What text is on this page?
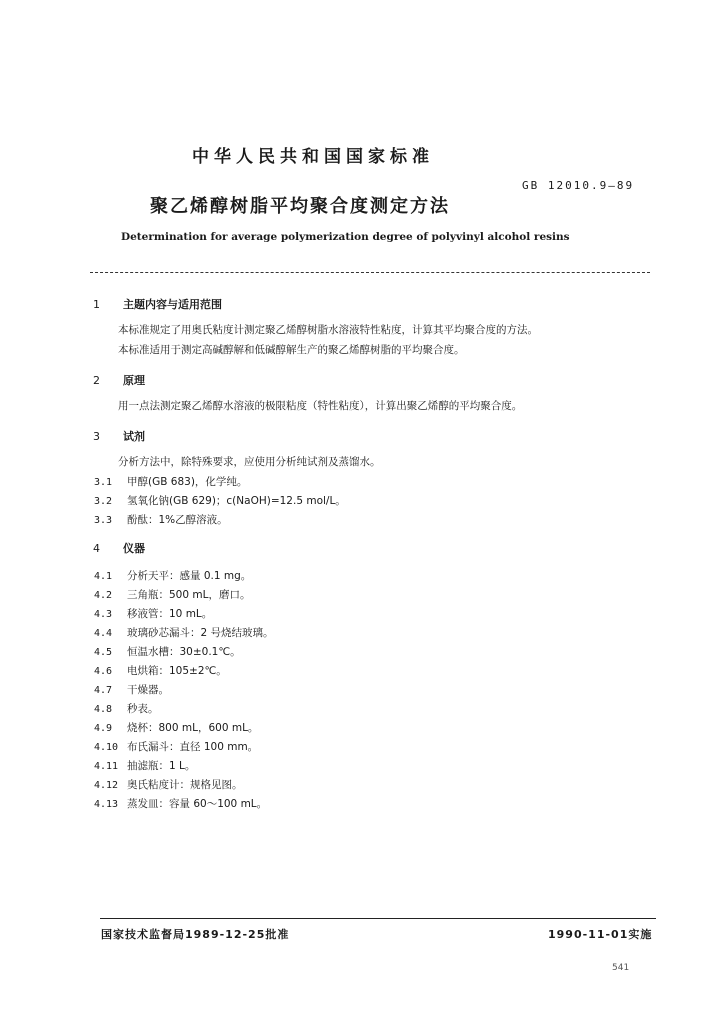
中华人民共和国国家标准
GB 12010.9—89
聚乙烯醇树脂平均聚合度测定方法
Determination for average polymerization degree of polyvinyl alcohol resins
1 主题内容与适用范围
本标准规定了用奥氏粘度计测定聚乙烯醇树脂水溶液特性粘度，计算其平均聚合度的方法。
本标准适用于测定高碱醇解和低碱醇解生产的聚乙烯醇树脂的平均聚合度。
2 原理
用一点法测定聚乙烯醇水溶液的极限粘度（特性粘度），计算出聚乙烯醇的平均聚合度。
3 试剂
分析方法中，除特殊要求，应使用分析纯试剂及蒸馏水。
3.1 甲醇(GB 683)，化学纯。
3.2 氢氧化钠(GB 629)；c(NaOH)=12.5 mol/L。
3.3 酚酞：1%乙醇溶液。
4 仪器
4.1 分析天平：感量 0.1 mg。
4.2 三角瓶：500 mL，磨口。
4.3 移液管：10 mL。
4.4 玻璃砂芯漏斗：2 号烧结玻璃。
4.5 恒温水槽：30±0.1℃。
4.6 电烘箱：105±2℃。
4.7 干燥器。
4.8 秒表。
4.9 烧杯：800 mL，600 mL。
4.10 布氏漏斗：直径 100 mm。
4.11 抽滤瓶：1 L。
4.12 奥氏粘度计：规格见图。
4.13 蒸发皿：容量 60～100 mL。
国家技术监督局1989-12-25批准	1990-11-01实施
541
